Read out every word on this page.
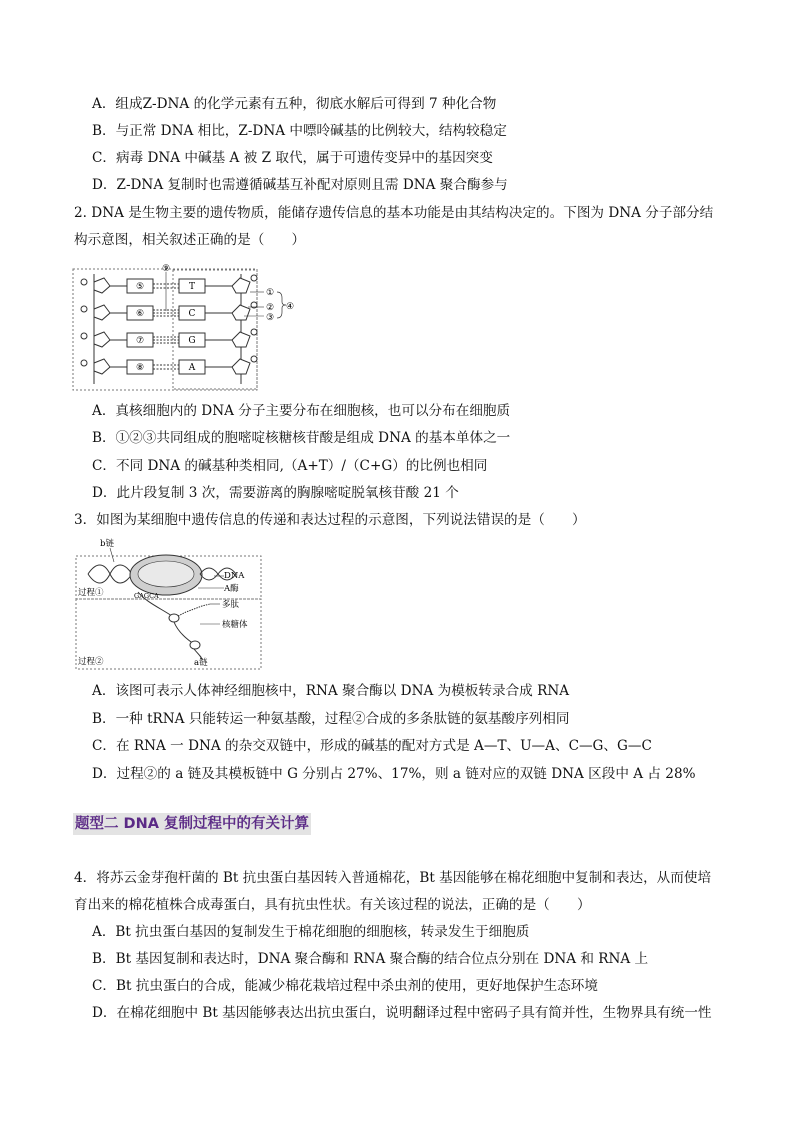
A．组成Z-DNA 的化学元素有五种，彻底水解后可得到 7 种化合物
B．与正常 DNA 相比，Z-DNA 中嘌呤碱基的比例较大，结构较稳定
C．病毒 DNA 中碱基 A 被 Z 取代，属于可遗传变异中的基因突变
D．Z-DNA 复制时也需遵循碱基互补配对原则且需 DNA 聚合酶参与
2. DNA 是生物主要的遗传物质，能储存遗传信息的基本功能是由其结构决定的。下图为 DNA 分子部分结
构示意图，相关叙述正确的是（　　）
⑤
⑥
⑦
⑧
T
C
G
A
⑨
①
②
③
④
A．真核细胞内的 DNA 分子主要分布在细胞核，也可以分布在细胞质
B．①②③共同组成的胞嘧啶核糖核苷酸是组成 DNA 的基本单体之一
C．不同 DNA 的碱基种类相同,（A+T）/（C+G）的比例也相同
D．此片段复制 3 次，需要游离的胸腺嘧啶脱氧核苷酸 21 个
3．如图为某细胞中遗传信息的传递和表达过程的示意图，下列说法错误的是（　　）
b链
GAGCA
DNA
A酶
过程①
多肽
核糖体
过程②	a链
A．该图可表示人体神经细胞核中，RNA 聚合酶以 DNA 为模板转录合成 RNA
B．一种 tRNA 只能转运一种氨基酸，过程②合成的多条肽链的氨基酸序列相同
C．在 RNA 一 DNA 的杂交双链中，形成的碱基的配对方式是 A—T、U—A、C—G、G—C
D．过程②的 a 链及其模板链中 G 分别占 27%、17%，则 a 链对应的双链 DNA 区段中 A 占 28%
题型二 DNA 复制过程中的有关计算
4．将苏云金芽孢杆菌的 Bt 抗虫蛋白基因转入普通棉花，Bt 基因能够在棉花细胞中复制和表达，从而使培
育出来的棉花植株合成毒蛋白，具有抗虫性状。有关该过程的说法，正确的是（　　）
A．Bt 抗虫蛋白基因的复制发生于棉花细胞的细胞核，转录发生于细胞质
B．Bt 基因复制和表达时，DNA 聚合酶和 RNA 聚合酶的结合位点分别在 DNA 和 RNA 上
C．Bt 抗虫蛋白的合成，能减少棉花栽培过程中杀虫剂的使用，更好地保护生态环境
D．在棉花细胞中 Bt 基因能够表达出抗虫蛋白，说明翻译过程中密码子具有简并性，生物界具有统一性
